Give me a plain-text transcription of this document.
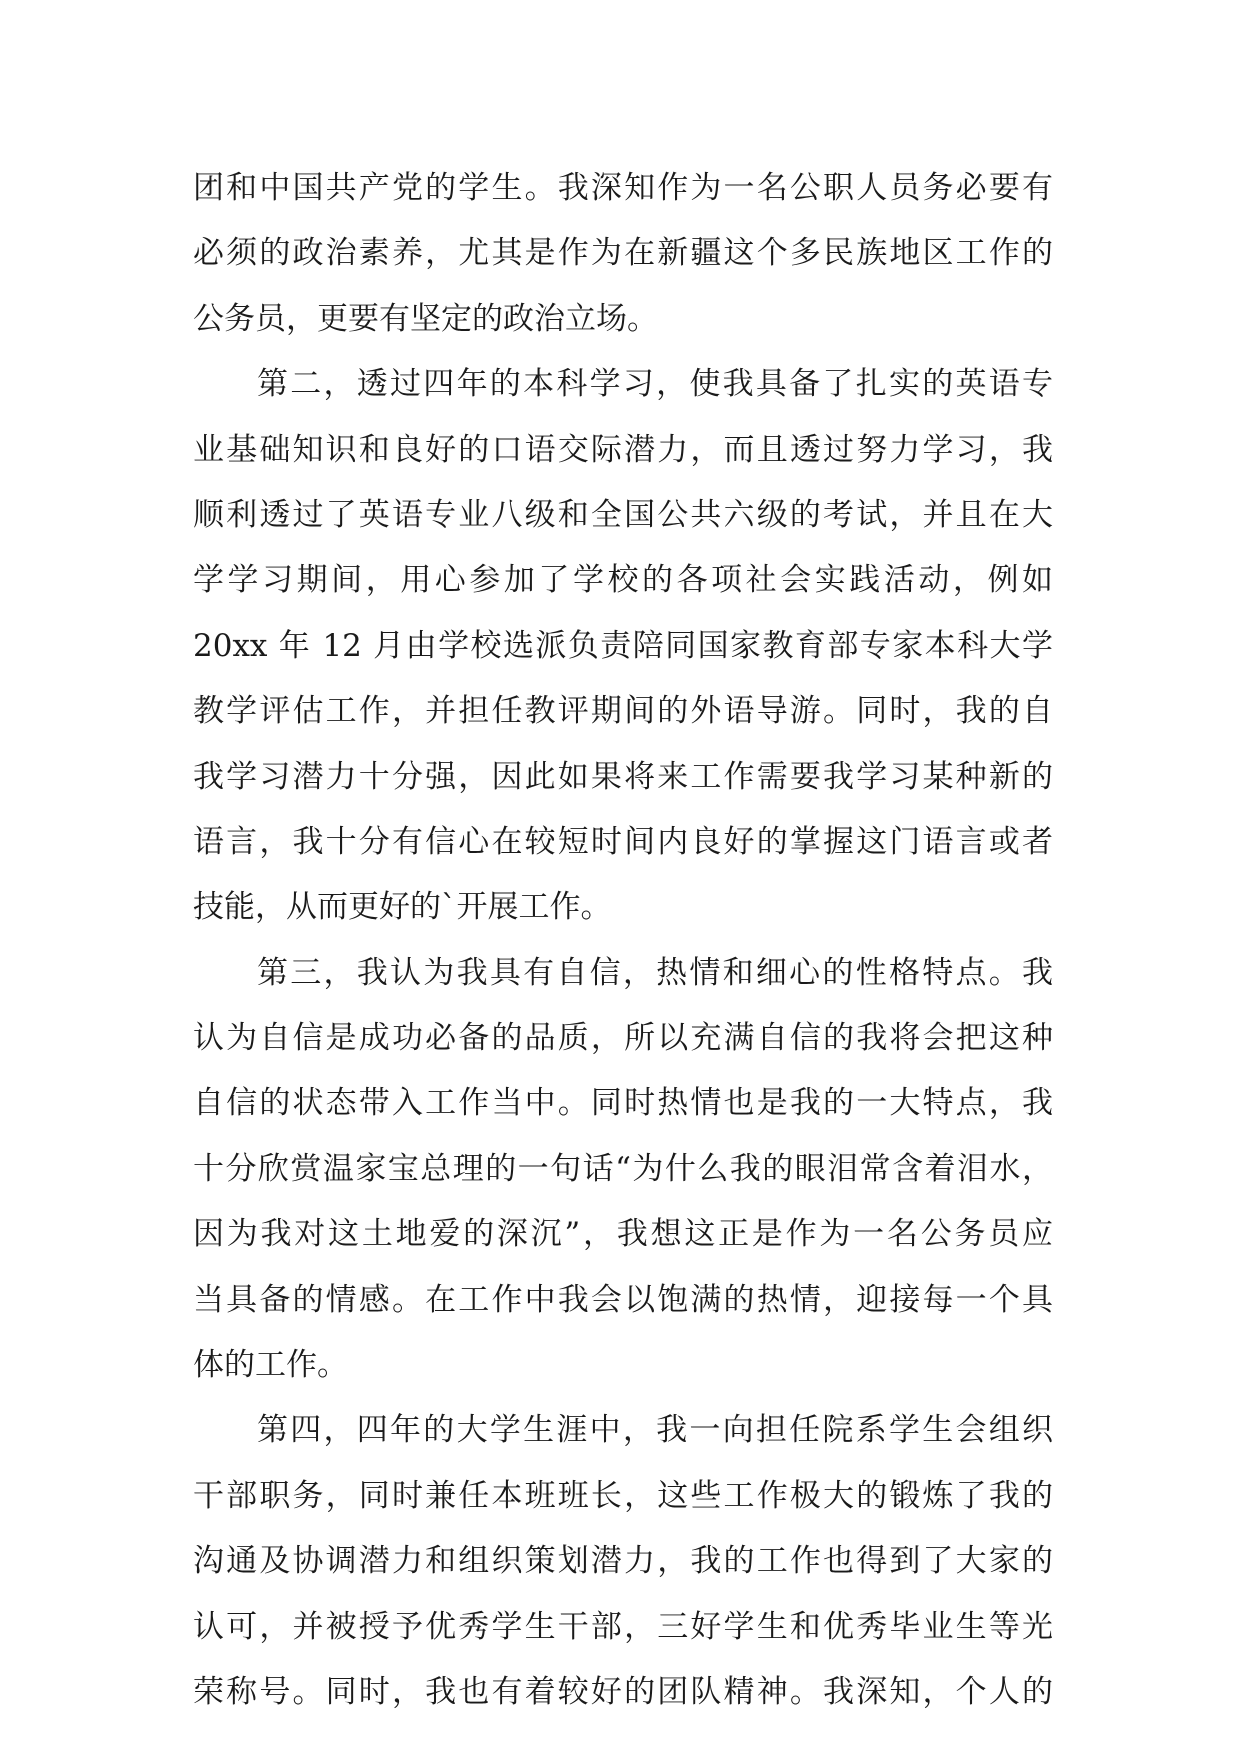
团和中国共产党的学生。我深知作为一名公职人员务必要有
必须的政治素养，尤其是作为在新疆这个多民族地区工作的
公务员，更要有坚定的政治立场。
第二，透过四年的本科学习，使我具备了扎实的英语专
业基础知识和良好的口语交际潜力，而且透过努力学习，我
顺利透过了英语专业八级和全国公共六级的考试，并且在大
学学习期间，用心参加了学校的各项社会实践活动，例如
20xx 年 12 月由学校选派负责陪同国家教育部专家本科大学
教学评估工作，并担任教评期间的外语导游。同时，我的自
我学习潜力十分强，因此如果将来工作需要我学习某种新的
语言，我十分有信心在较短时间内良好的掌握这门语言或者
技能，从而更好的`开展工作。
第三，我认为我具有自信，热情和细心的性格特点。我
认为自信是成功必备的品质，所以充满自信的我将会把这种
自信的状态带入工作当中。同时热情也是我的一大特点，我
十分欣赏温家宝总理的一句话“为什么我的眼泪常含着泪水，
因为我对这土地爱的深沉”，我想这正是作为一名公务员应
当具备的情感。在工作中我会以饱满的热情，迎接每一个具
体的工作。
第四，四年的大学生涯中，我一向担任院系学生会组织
干部职务，同时兼任本班班长，这些工作极大的锻炼了我的
沟通及协调潜力和组织策划潜力，我的工作也得到了大家的
认可，并被授予优秀学生干部，三好学生和优秀毕业生等光
荣称号。同时，我也有着较好的团队精神。我深知，个人的
